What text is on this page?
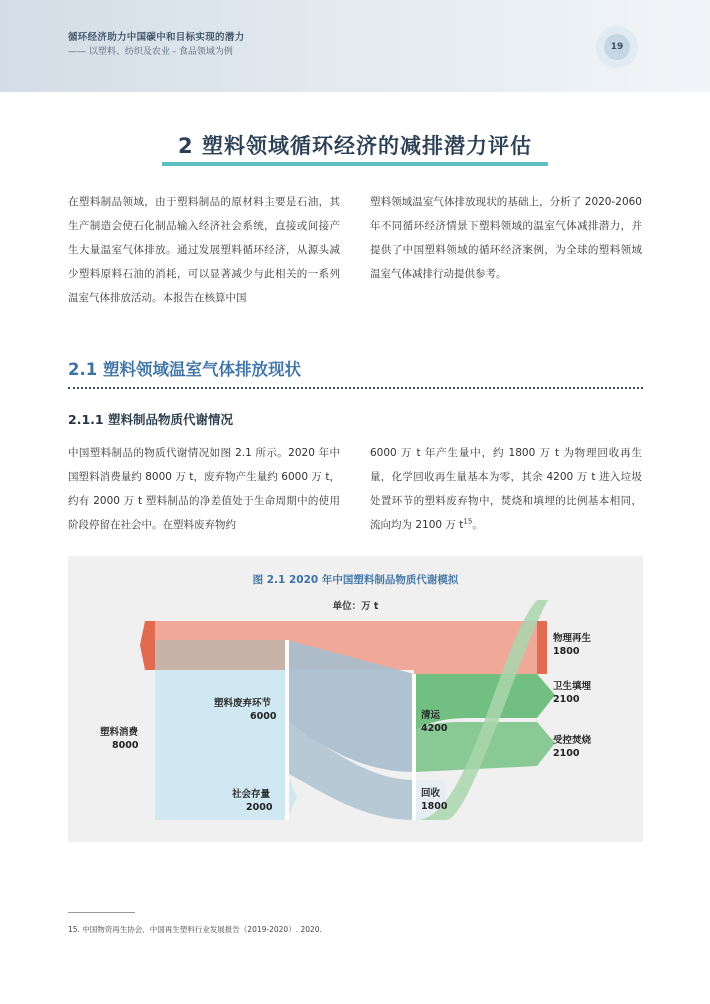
循环经济助力中国碳中和目标实现的潜力
—— 以塑料、纺织及农业 - 食品领域为例	19
2 塑料领域循环经济的减排潜力评估
在塑料制品领域，由于塑料制品的原材料主要是石油，其生产制造会使石化制品输入经济社会系统，直接或间接产生大量温室气体排放。通过发展塑料循环经济，从源头减少塑料原料石油的消耗，可以显著减少与此相关的一系列温室气体排放活动。本报告在核算中国
塑料领域温室气体排放现状的基础上，分析了 2020-2060 年不同循环经济情景下塑料领域的温室气体减排潜力，并提供了中国塑料领域的循环经济案例，为全球的塑料领域温室气体减排行动提供参考。
2.1 塑料领域温室气体排放现状
2.1.1 塑料制品物质代谢情况
中国塑料制品的物质代谢情况如图 2.1 所示。2020 年中国塑料消费量约 8000 万 t，废弃物产生量约 6000 万 t，约有 2000 万 t 塑料制品的净差值处于生命周期中的使用阶段停留在社会中。在塑料废弃物约
6000 万 t 年产生量中，约 1800 万 t 为物理回收再生量，化学回收再生量基本为零，其余 4200 万 t 进入垃圾处置环节的塑料废弃物中，焚烧和填埋的比例基本相同，流向均为 2100 万 $t^{15}$。
图 2.1 2020 年中国塑料制品物质代谢模拟
单位：万 t
塑料消费
8000
塑料废弃环节
6000
社会存量
2000
清运
4200
回收
1800
物理再生
1800
卫生填埋
2100
受控焚烧
2100
15. 中国物资再生协会．中国再生塑料行业发展报告（2019-2020）. 2020.
